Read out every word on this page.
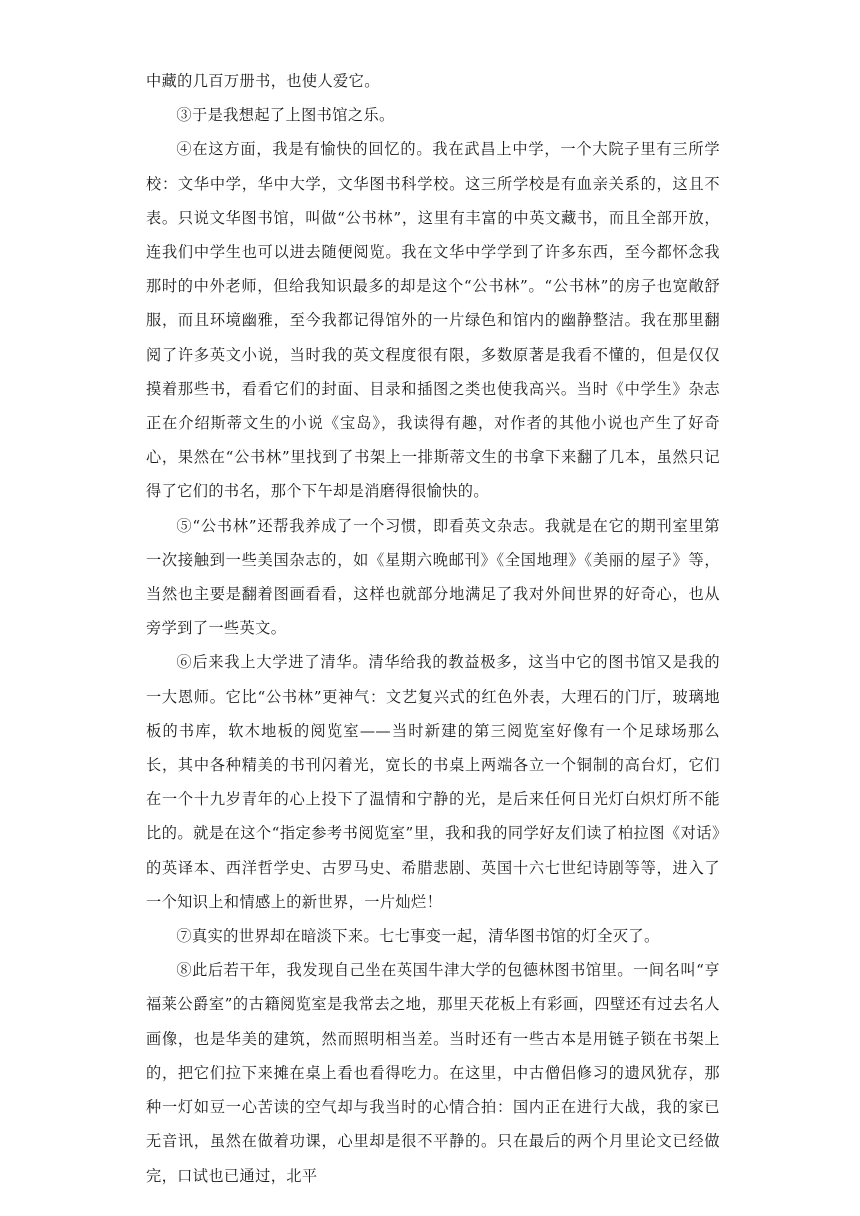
中藏的几百万册书，也使人爱它。

③于是我想起了上图书馆之乐。

④在这方面，我是有愉快的回忆的。我在武昌上中学，一个大院子里有三所学校：文华中学，华中大学，文华图书科学校。这三所学校是有血亲关系的，这且不表。只说文华图书馆，叫做“公书林”，这里有丰富的中英文藏书，而且全部开放，连我们中学生也可以进去随便阅览。我在文华中学学到了许多东西，至今都怀念我那时的中外老师，但给我知识最多的却是这个“公书林”。“公书林”的房子也宽敞舒服，而且环境幽雅，至今我都记得馆外的一片绿色和馆内的幽静整洁。我在那里翻阅了许多英文小说，当时我的英文程度很有限，多数原著是我看不懂的，但是仅仅摸着那些书，看看它们的封面、目录和插图之类也使我高兴。当时《中学生》杂志正在介绍斯蒂文生的小说《宝岛》，我读得有趣，对作者的其他小说也产生了好奇心，果然在“公书林”里找到了书架上一排斯蒂文生的书拿下来翻了几本，虽然只记得了它们的书名，那个下午却是消磨得很愉快的。

⑤“公书林”还帮我养成了一个习惯，即看英文杂志。我就是在它的期刊室里第一次接触到一些美国杂志的，如《星期六晚邮刊》《全国地理》《美丽的屋子》等，当然也主要是翻着图画看看，这样也就部分地满足了我对外间世界的好奇心，也从旁学到了一些英文。

⑥后来我上大学进了清华。清华给我的教益极多，这当中它的图书馆又是我的一大恩师。它比“公书林”更神气：文艺复兴式的红色外表，大理石的门厅，玻璃地板的书库，软木地板的阅览室——当时新建的第三阅览室好像有一个足球场那么长，其中各种精美的书刊闪着光，宽长的书桌上两端各立一个铜制的高台灯，它们在一个十九岁青年的心上投下了温情和宁静的光，是后来任何日光灯白炽灯所不能比的。就是在这个“指定参考书阅览室”里，我和我的同学好友们读了柏拉图《对话》的英译本、西洋哲学史、古罗马史、希腊悲剧、英国十六七世纪诗剧等等，进入了一个知识上和情感上的新世界，一片灿烂！

⑦真实的世界却在暗淡下来。七七事变一起，清华图书馆的灯全灭了。

⑧此后若干年，我发现自己坐在英国牛津大学的包德林图书馆里。一间名叫“亨福莱公爵室”的古籍阅览室是我常去之地，那里天花板上有彩画，四壁还有过去名人画像，也是华美的建筑，然而照明相当差。当时还有一些古本是用链子锁在书架上的，把它们拉下来摊在桌上看也看得吃力。在这里，中古僧侣修习的遗风犹存，那种一灯如豆一心苦读的空气却与我当时的心情合拍：国内正在进行大战，我的家已无音讯，虽然在做着功课，心里却是很不平静的。只在最后的两个月里论文已经做完，口试也已通过，北平
